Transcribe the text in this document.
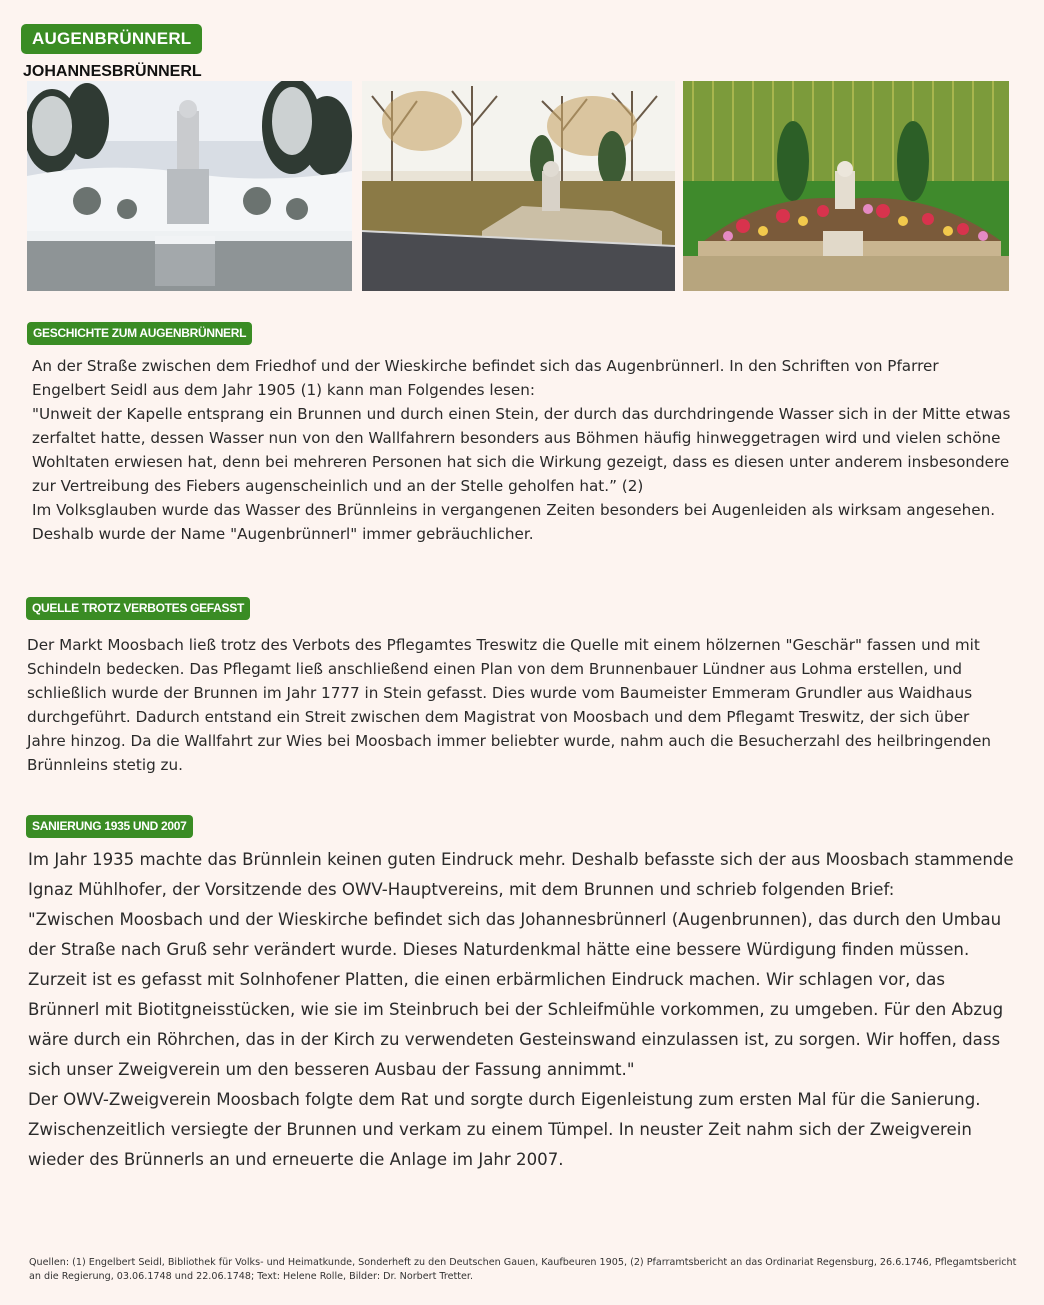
AUGENBRÜNNERL
JOHANNESBRÜNNERL
GESCHICHTE ZUM AUGENBRÜNNERL

An der Straße zwischen dem Friedhof und der Wieskirche befindet sich das Augenbrünnerl. In den Schriften von Pfarrer Engelbert Seidl aus dem Jahr 1905 (1) kann man Folgendes lesen:

"Unweit der Kapelle entsprang ein Brunnen und durch einen Stein, der durch das durchdringende Wasser sich in der Mitte etwas zerfaltet hatte, dessen Wasser nun von den Wallfahrern besonders aus Böhmen häufig hinweggetragen wird und vielen schöne Wohltaten erwiesen hat, denn bei mehreren Personen hat sich die Wirkung gezeigt, dass es diesen unter anderem insbesondere zur Vertreibung des Fiebers augenscheinlich und an der Stelle geholfen hat.” (2)

Im Volksglauben wurde das Wasser des Brünnleins in vergangenen Zeiten besonders bei Augenleiden als wirksam angesehen. Deshalb wurde der Name "Augenbrünnerl" immer gebräuchlicher.

QUELLE TROTZ VERBOTES GEFASST

Der Markt Moosbach ließ trotz des Verbots des Pflegamtes Treswitz die Quelle mit einem hölzernen "Geschär" fassen und mit Schindeln bedecken. Das Pflegamt ließ anschließend einen Plan von dem Brunnenbauer Lündner aus Lohma erstellen, und schließlich wurde der Brunnen im Jahr 1777 in Stein gefasst. Dies wurde vom Baumeister Emmeram Grundler aus Waidhaus durchgeführt. Dadurch entstand ein Streit zwischen dem Magistrat von Moosbach und dem Pflegamt Treswitz, der sich über Jahre hinzog. Da die Wallfahrt zur Wies bei Moosbach immer beliebter wurde, nahm auch die Besucherzahl des heilbringenden Brünnleins stetig zu.

SANIERUNG 1935 UND 2007

Im Jahr 1935 machte das Brünnlein keinen guten Eindruck mehr. Deshalb befasste sich der aus Moosbach stammende Ignaz Mühlhofer, der Vorsitzende des OWV-Hauptvereins, mit dem Brunnen und schrieb folgenden Brief:

"Zwischen Moosbach und der Wieskirche befindet sich das Johannesbrünnerl (Augenbrunnen), das durch den Umbau der Straße nach Gruß sehr verändert wurde. Dieses Naturdenkmal hätte eine bessere Würdigung finden müssen. Zurzeit ist es gefasst mit Solnhofener Platten, die einen erbärmlichen Eindruck machen. Wir schlagen vor, das Brünnerl mit Biotitgneisstücken, wie sie im Steinbruch bei der Schleifmühle vorkommen, zu umgeben. Für den Abzug wäre durch ein Röhrchen, das in der Kirch zu verwendeten Gesteinswand einzulassen ist, zu sorgen. Wir hoffen, dass sich unser Zweigverein um den besseren Ausbau der Fassung annimmt."

Der OWV-Zweigverein Moosbach folgte dem Rat und sorgte durch Eigenleistung zum ersten Mal für die Sanierung. Zwischenzeitlich versiegte der Brunnen und verkam zu einem Tümpel. In neuster Zeit nahm sich der Zweigverein wieder des Brünnerls an und erneuerte die Anlage im Jahr 2007.

Quellen: (1) Engelbert Seidl, Bibliothek für Volks- und Heimatkunde, Sonderheft zu den Deutschen Gauen, Kaufbeuren 1905, (2) Pfarramtsbericht an das Ordinariat Regensburg, 26.6.1746, Pflegamtsbericht an die Regierung, 03.06.1748 und 22.06.1748; Text: Helene Rolle, Bilder: Dr. Norbert Tretter.
